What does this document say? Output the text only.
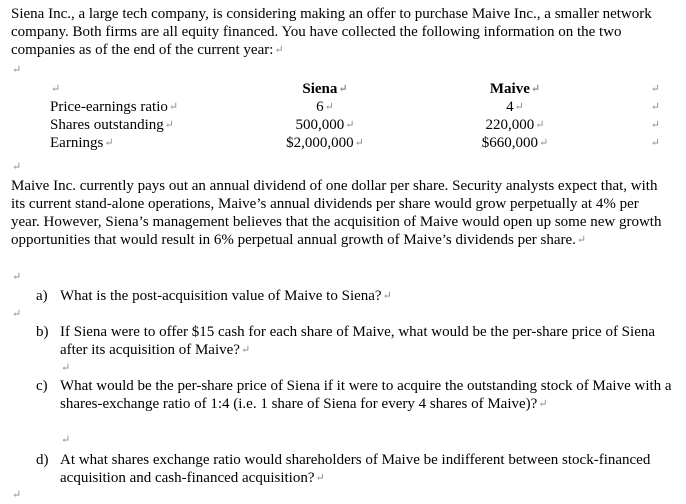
Siena Inc., a large tech company, is considering making an offer to purchase Maive Inc., a smaller network company. Both firms are all equity financed. You have collected the following information on the two companies as of the end of the current year:↵
↵
↵	Siena↵	Maive↵	↵
Price-earnings ratio↵	6↵	4↵	↵
Shares outstanding↵	500,000↵	220,000↵	↵
Earnings↵	$2,000,000↵	$660,000↵	↵
↵
Maive Inc. currently pays out an annual dividend of one dollar per share. Security analysts expect that, with its current stand-alone operations, Maive’s annual dividends per share would grow perpetually at 4% per year. However, Siena’s management believes that the acquisition of Maive would open up some new growth opportunities that would result in 6% perpetual annual growth of Maive’s dividends per share.↵
↵
a) What is the post-acquisition value of Maive to Siena?↵
↵
b) If Siena were to offer $15 cash for each share of Maive, what would be the per-share price of Siena after its acquisition of Maive?↵
↵
c) What would be the per-share price of Siena if it were to acquire the outstanding stock of Maive with a shares-exchange ratio of 1:4 (i.e. 1 share of Siena for every 4 shares of Maive)?↵
↵
d) At what shares exchange ratio would shareholders of Maive be indifferent between stock-financed acquisition and cash-financed acquisition?↵
↵
